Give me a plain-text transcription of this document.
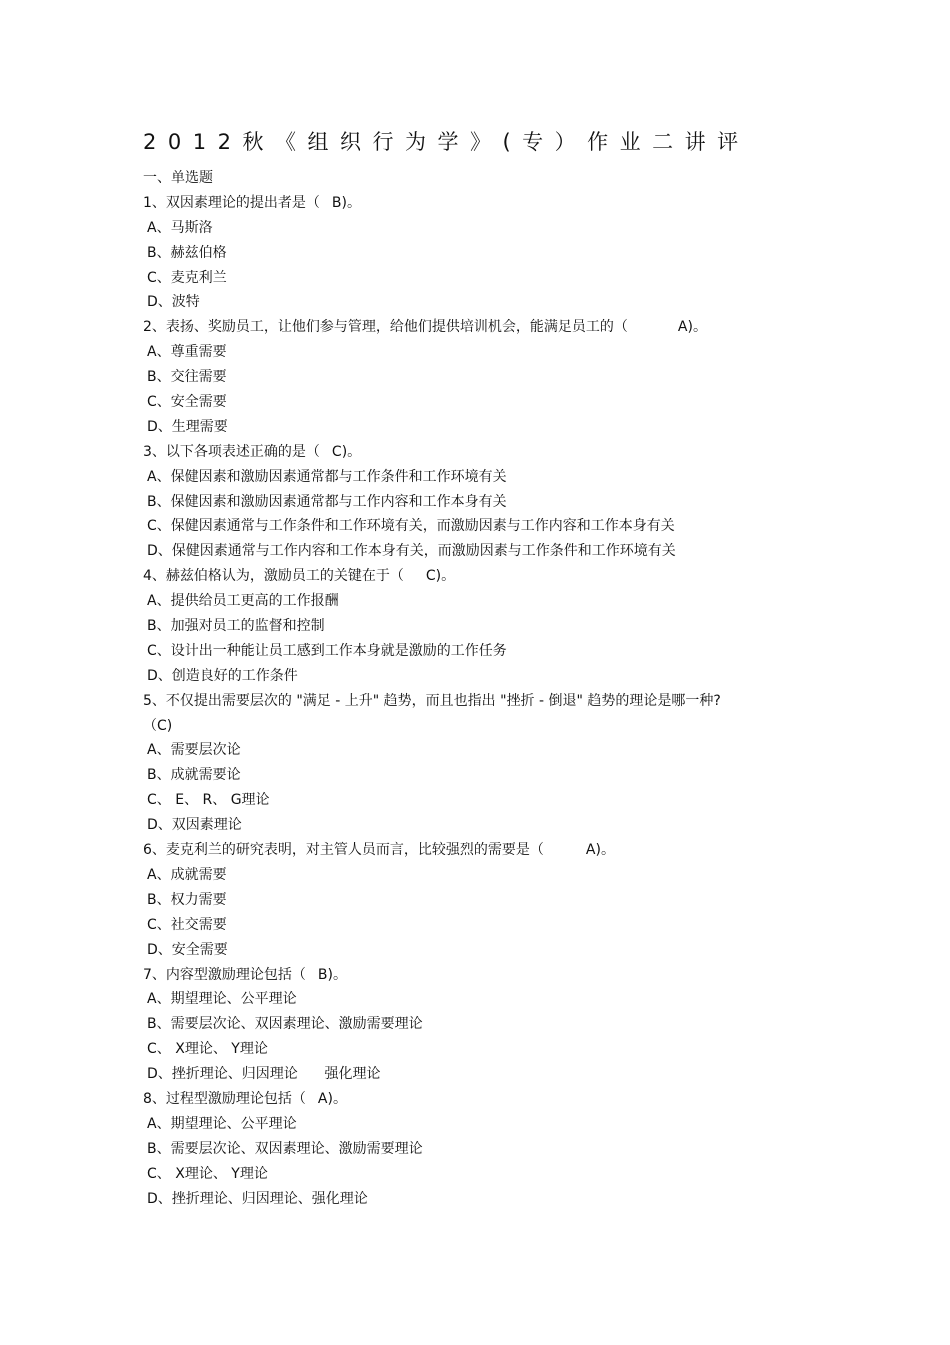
2012秋《组织行为学》(专）作业二讲评
一、单选题
1、双因素理论的提出者是（ B)。
A、马斯洛
B、赫兹伯格
C、麦克利兰
D、波特
2、表扬、奖励员工，让他们参与管理，给他们提供培训机会，能满足员工的（	A)。
A、尊重需要
B、交往需要
C、安全需要
D、生理需要
3、以下各项表述正确的是（ C)。
A、保健因素和激励因素通常都与工作条件和工作环境有关
B、保健因素和激励因素通常都与工作内容和工作本身有关
C、保健因素通常与工作条件和工作环境有关，而激励因素与工作内容和工作本身有关
D、保健因素通常与工作内容和工作本身有关，而激励因素与工作条件和工作环境有关
4、赫兹伯格认为，激励员工的关键在于（ C)。
A、提供给员工更高的工作报酬
B、加强对员工的监督和控制
C、设计出一种能让员工感到工作本身就是激励的工作任务
D、创造良好的工作条件
5、不仅提出需要层次的 "满足 - 上升" 趋势，而且也指出 "挫折 - 倒退" 趋势的理论是哪一种?
（C)
A、需要层次论
B、成就需要论
C、 E、 R、 G理论
D、双因素理论
6、麦克利兰的研究表明，对主管人员而言，比较强烈的需要是（	A)。
A、成就需要
B、权力需要
C、社交需要
D、安全需要
7、内容型激励理论包括（ B)。
A、期望理论、公平理论
B、需要层次论、双因素理论、激励需要理论
C、 X理论、 Y理论
D、挫折理论、归因理论      强化理论
8、过程型激励理论包括（ A)。
A、期望理论、公平理论
B、需要层次论、双因素理论、激励需要理论
C、 X理论、 Y理论
D、挫折理论、归因理论、强化理论
